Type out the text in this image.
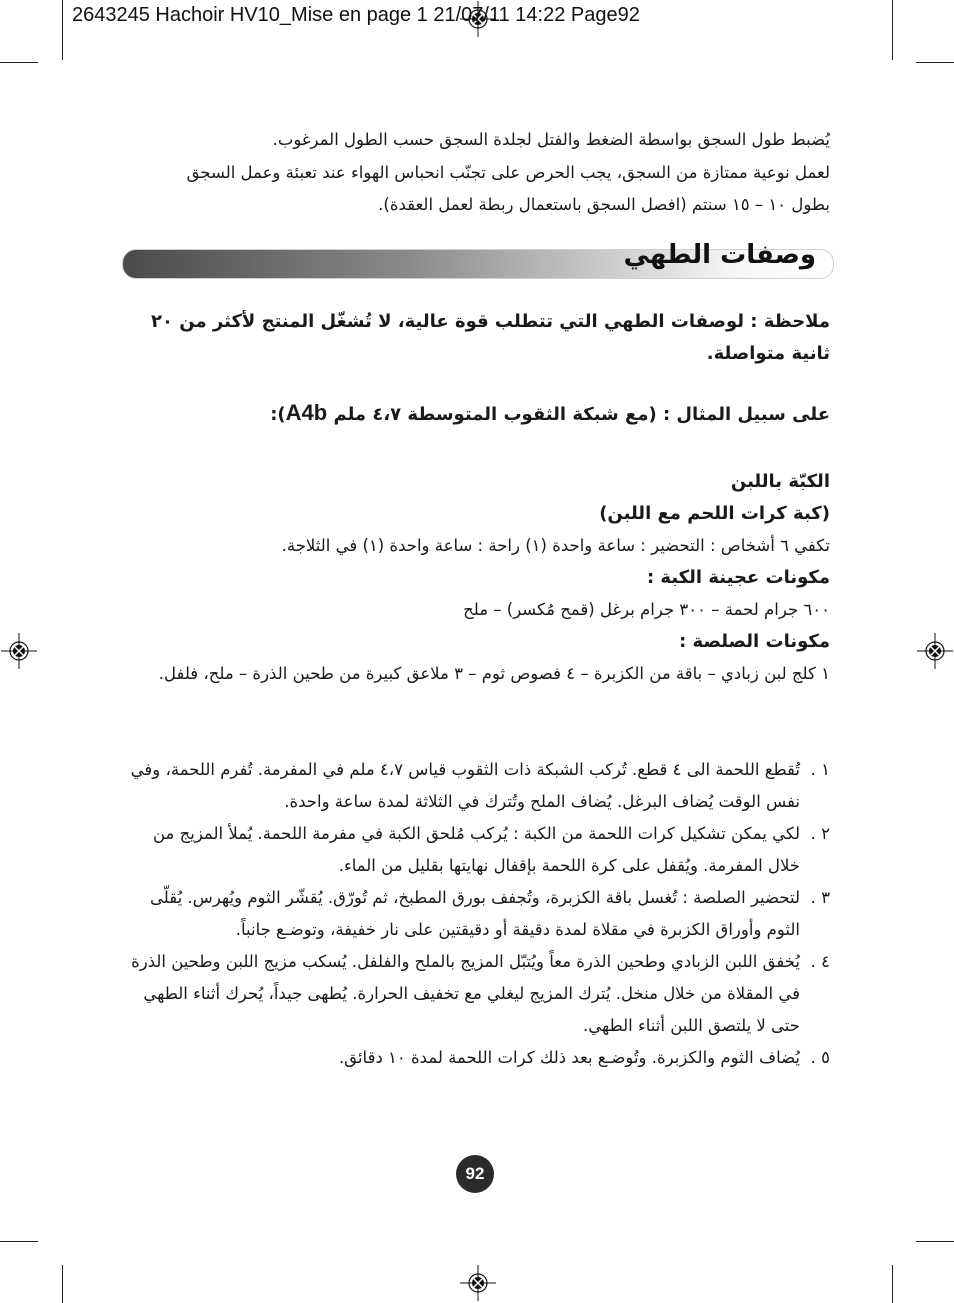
2643245 Hachoir HV10_Mise en page 1 21/07/11 14:22 Page92

يُضبط طول السجق بواسطة الضغط والفتل لجلدة السجق حسب الطول المرغوب.

لعمل نوعية ممتازة من السجق، يجب الحرص على تجنّب انحباس الهواء عند تعبئة وعمل السجق

بطول ١٠ – ١٥ سنتم (افصل السجق باستعمال ربطة لعمل العقدة).

وصفات الطهي
ملاحظة : لوصفات الطهي التي تتطلب قوة عالية، لا تُشغّل المنتج لأكثر من ٢٠ ثانية متواصلة.
على سبيل المثال : (مع شبكة الثقوب المتوسطة ٤،٧ ملم A4b):
الكبّة باللبن
(كبة كرات اللحم مع اللبن)
تكفي ٦ أشخاص : التحضير : ساعة واحدة (١) راحة : ساعة واحدة (١) في الثلاجة.
مكونات عجينة الكبة :
٦٠٠ جرام لحمة – ٣٠٠ جرام برغل (قمح مُكسر) – ملح
مكونات الصلصة :
١ كلج لبن زبادي – باقة من الكزبرة – ٤ فصوص ثوم – ٣ ملاعق كبيرة من طحين الذرة – ملح، فلفل.
١ .
تُقطع اللحمة الى ٤ قطع. تُركب الشبكة ذات الثقوب قياس ٤،٧ ملم في المفرمة. تُفرم اللحمة، وفي نفس الوقت يُضاف البرغل. يُضاف الملح وتُترك في الثلاثة لمدة ساعة واحدة.
٢ .
لكي يمكن تشكيل كرات اللحمة من الكبة : يُركب مُلحق الكبة في مفرمة اللحمة. يُملأ المزيج من خلال المفرمة. ويُقفل على كرة اللحمة بإقفال نهايتها بقليل من الماء.
٣ .
لتحضير الصلصة : تُغسل باقة الكزبرة، وتُجفف بورق المطبخ، ثم تُورّق. يُقشّر الثوم ويُهرس. يُقلّى الثوم وأوراق الكزبرة في مقلاة لمدة دقيقة أو دقيقتين على نار خفيفة، وتوضـع جانباً.
٤ .
يُخفق اللبن الزبادي وطحين الذرة معاً ويُتبّل المزيج بالملح والفلفل. يُسكب مزيج اللبن وطحين الذرة في المقلاة من خلال منخل. يُترك المزيج ليغلي مع تخفيف الحرارة. يُطهى جيداً، يُحرك أثناء الطهي حتى لا يلتصق اللبن أثناء الطهي.
٥ .
يُضاف الثوم والكزبرة. وتُوضـع بعد ذلك كرات اللحمة لمدة ١٠ دقائق.
92
